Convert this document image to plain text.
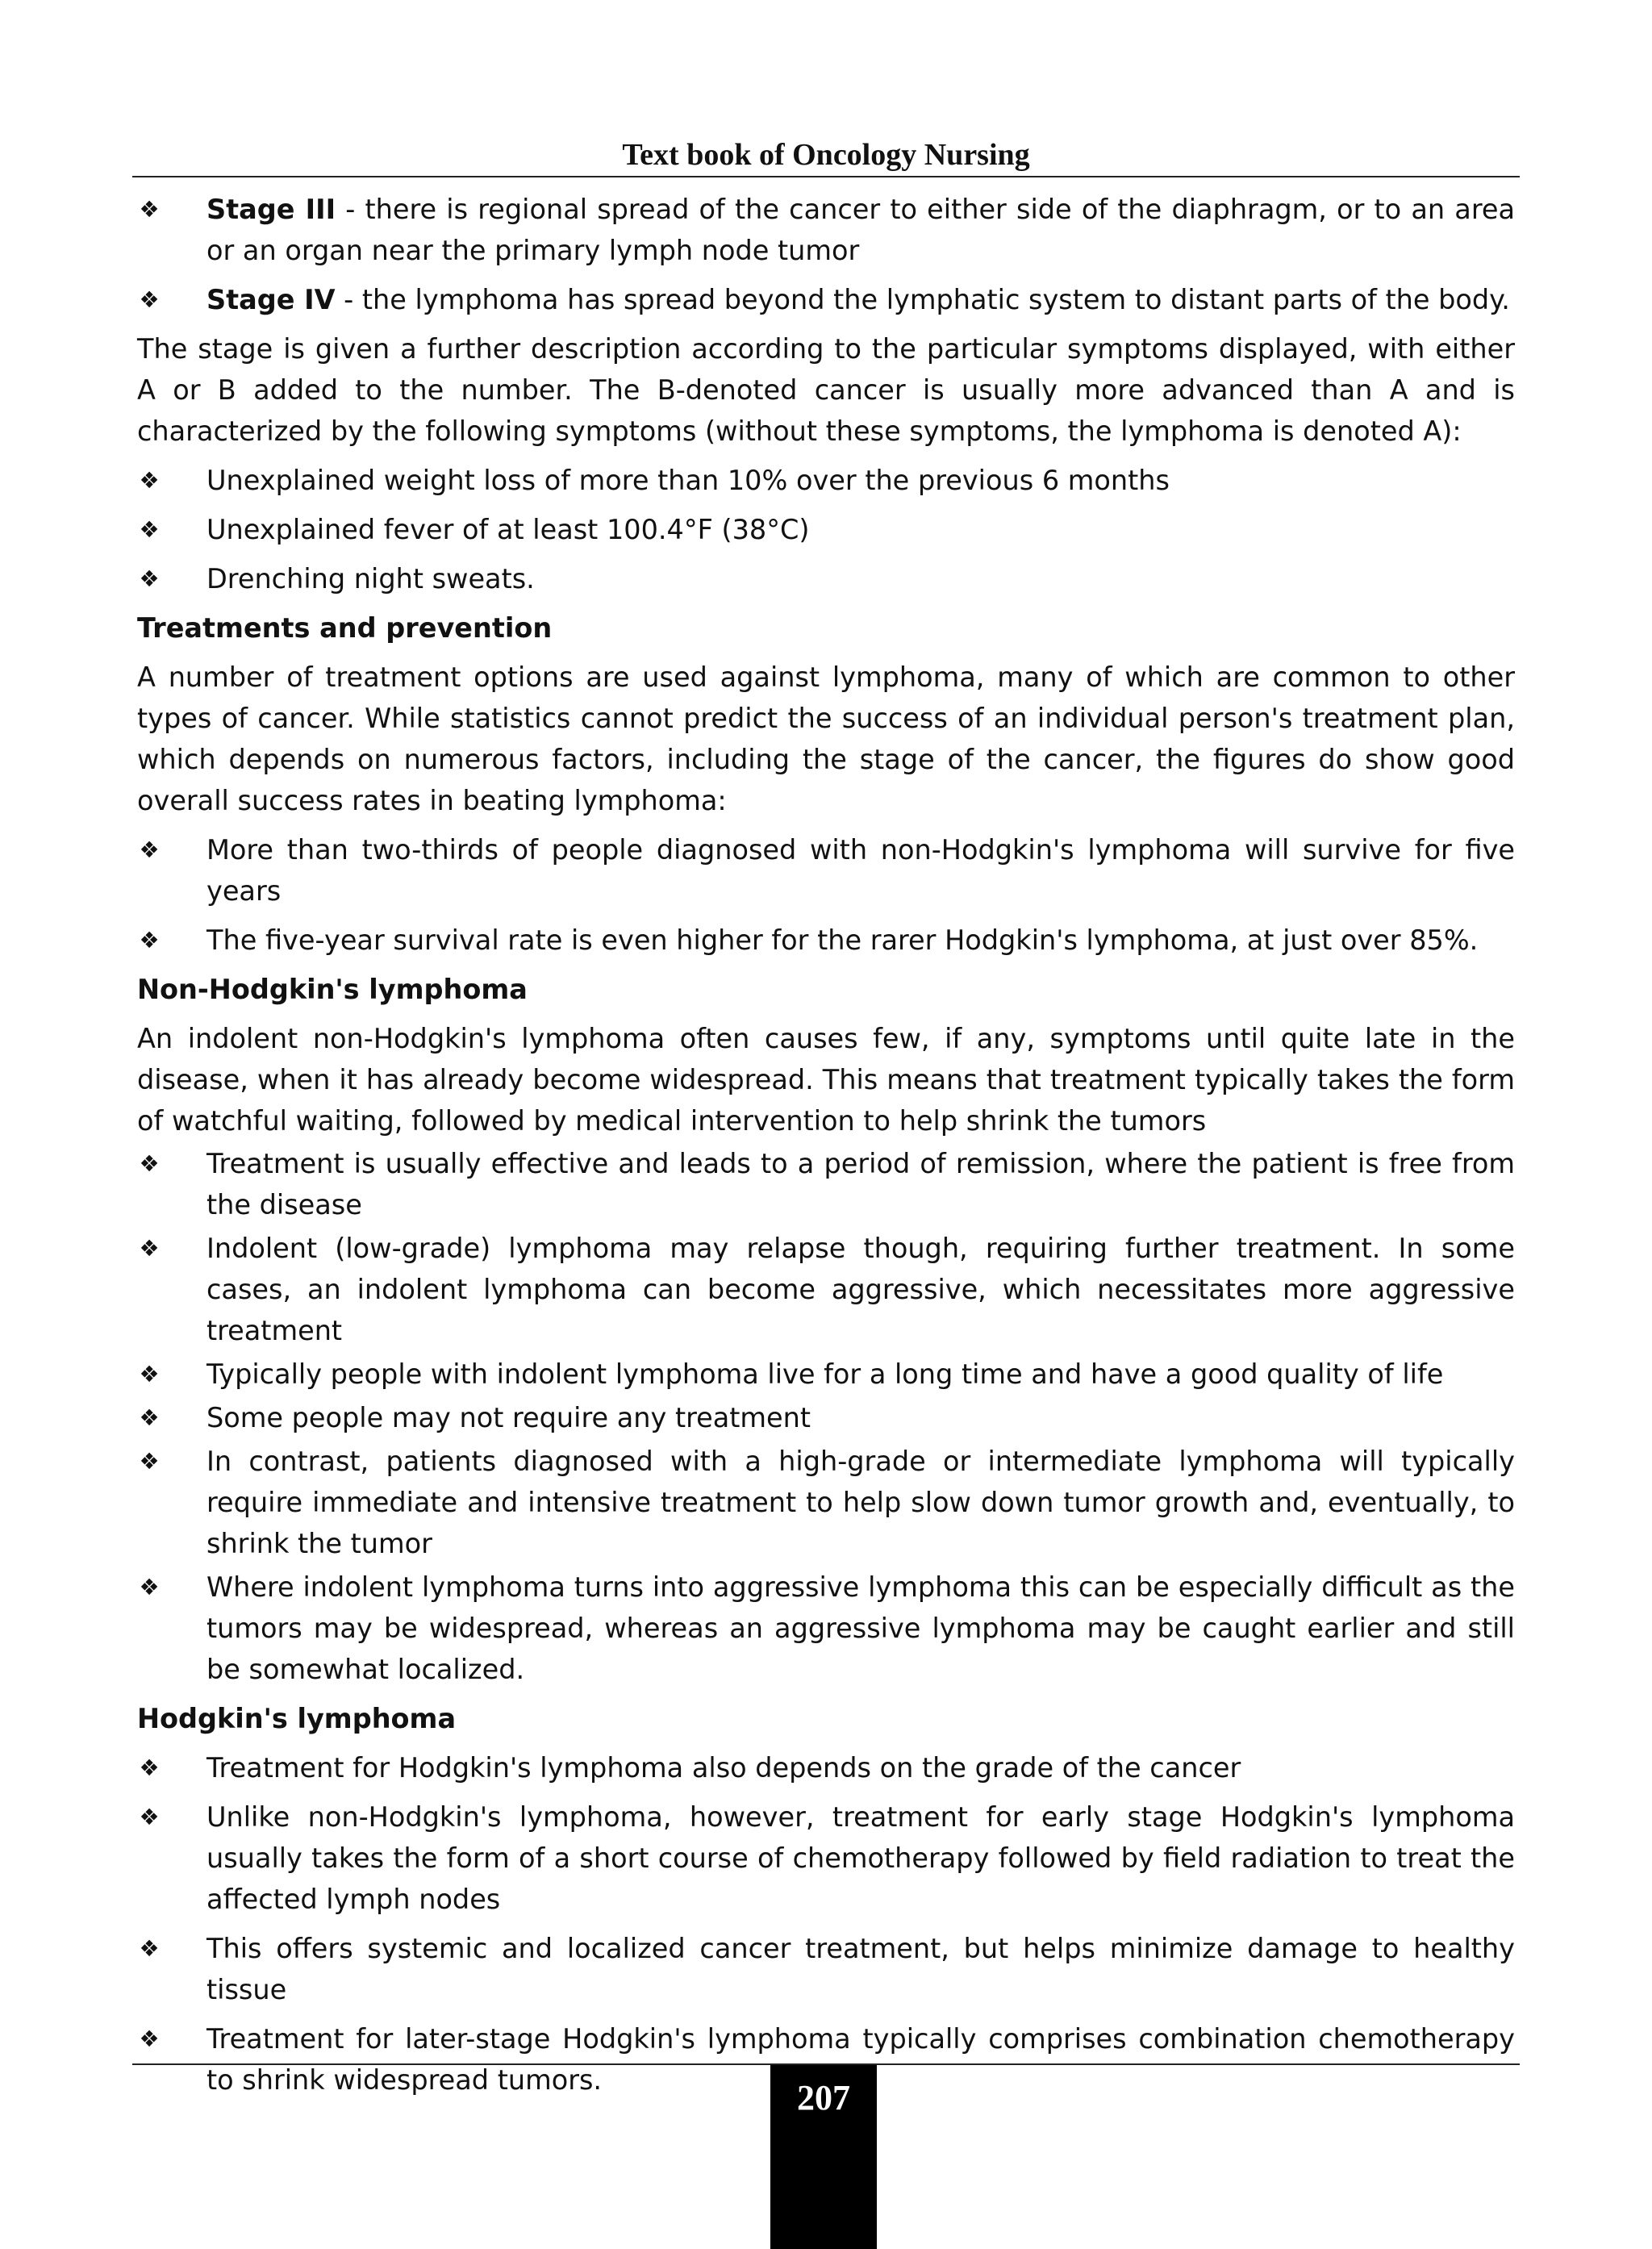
Text book of Oncology Nursing
❖ Stage III - there is regional spread of the cancer to either side of the diaphragm, or to an area or an organ near the primary lymph node tumor
❖ Stage IV - the lymphoma has spread beyond the lymphatic system to distant parts of the body.

The stage is given a further description according to the particular symptoms displayed, with either A or B added to the number. The B-denoted cancer is usually more advanced than A and is characterized by the following symptoms (without these symptoms, the lymphoma is denoted A):

❖ Unexplained weight loss of more than 10% over the previous 6 months
❖ Unexplained fever of at least 100.4°F (38°C)
❖ Drenching night sweats.
Treatments and prevention

A number of treatment options are used against lymphoma, many of which are common to other types of cancer. While statistics cannot predict the success of an individual person's treatment plan, which depends on numerous factors, including the stage of the cancer, the figures do show good overall success rates in beating lymphoma:

❖ More than two-thirds of people diagnosed with non-Hodgkin's lymphoma will survive for five years
❖ The five-year survival rate is even higher for the rarer Hodgkin's lymphoma, at just over 85%.
Non-Hodgkin's lymphoma

An indolent non-Hodgkin's lymphoma often causes few, if any, symptoms until quite late in the disease, when it has already become widespread. This means that treatment typically takes the form of watchful waiting, followed by medical intervention to help shrink the tumors

❖ Treatment is usually effective and leads to a period of remission, where the patient is free from the disease
❖ Indolent (low-grade) lymphoma may relapse though, requiring further treatment. In some cases, an indolent lymphoma can become aggressive, which necessitates more aggressive treatment
❖ Typically people with indolent lymphoma live for a long time and have a good quality of life
❖ Some people may not require any treatment
❖ In contrast, patients diagnosed with a high-grade or intermediate lymphoma will typically require immediate and intensive treatment to help slow down tumor growth and, eventually, to shrink the tumor
❖ Where indolent lymphoma turns into aggressive lymphoma this can be especially difficult as the tumors may be widespread, whereas an aggressive lymphoma may be caught earlier and still be somewhat localized.
Hodgkin's lymphoma
❖ Treatment for Hodgkin's lymphoma also depends on the grade of the cancer
❖ Unlike non-Hodgkin's lymphoma, however, treatment for early stage Hodgkin's lymphoma usually takes the form of a short course of chemotherapy followed by field radiation to treat the affected lymph nodes
❖ This offers systemic and localized cancer treatment, but helps minimize damage to healthy tissue
❖ Treatment for later-stage Hodgkin's lymphoma typically comprises combination chemotherapy to shrink widespread tumors.	207
